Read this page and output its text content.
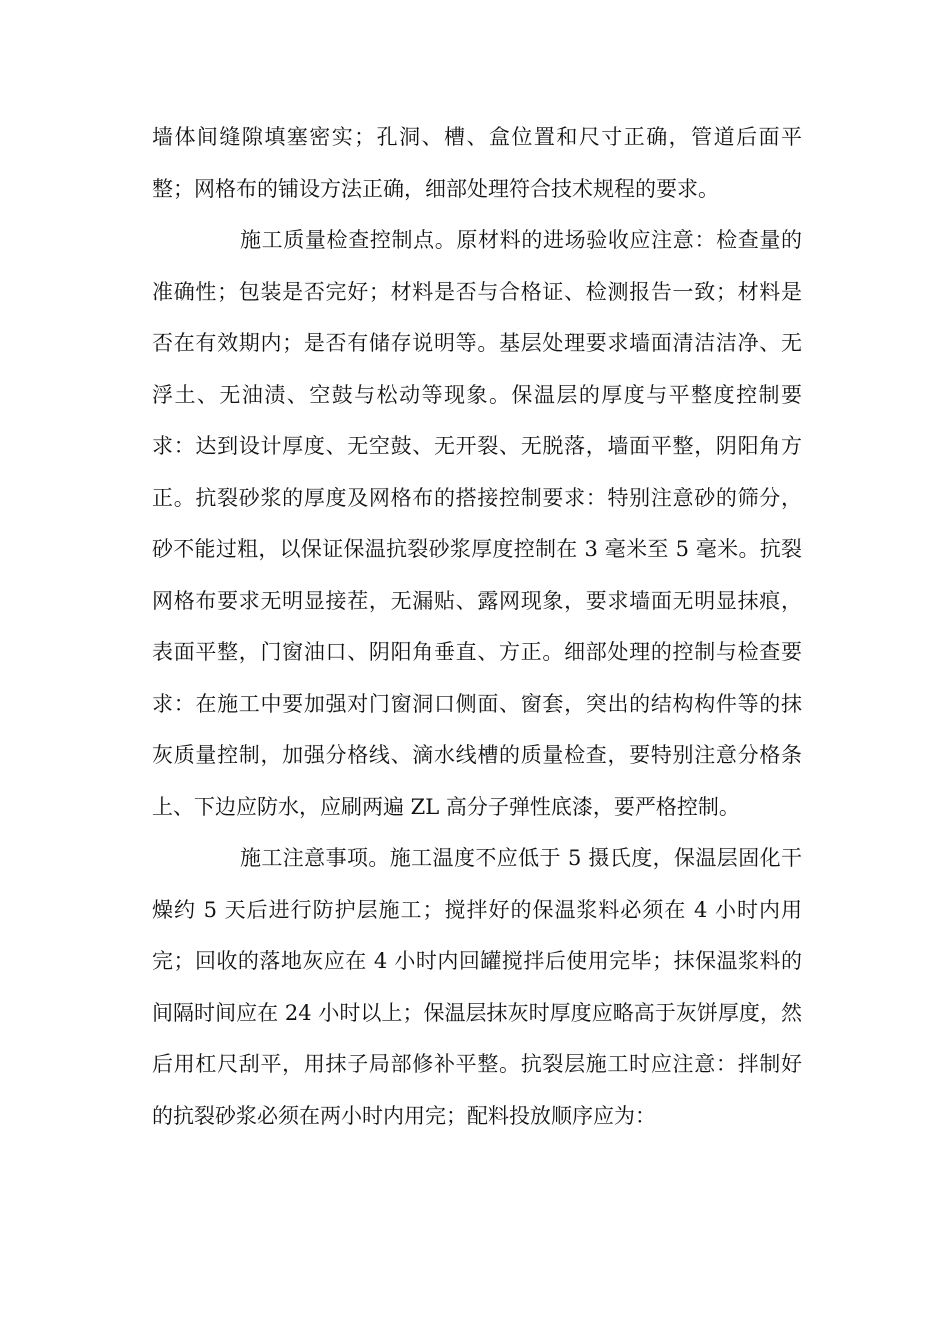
墙体间缝隙填塞密实；孔洞、槽、盒位置和尺寸正确，管道后面平整；网格布的铺设方法正确，细部处理符合技术规程的要求。

施工质量检查控制点。原材料的进场验收应注意：检查量的准确性；包装是否完好；材料是否与合格证、检测报告一致；材料是否在有效期内；是否有储存说明等。基层处理要求墙面清洁洁净、无浮土、无油渍、空鼓与松动等现象。保温层的厚度与平整度控制要求：达到设计厚度、无空鼓、无开裂、无脱落，墙面平整，阴阳角方正。抗裂砂浆的厚度及网格布的搭接控制要求：特别注意砂的筛分，砂不能过粗，以保证保温抗裂砂浆厚度控制在 3 毫米至 5 毫米。抗裂网格布要求无明显接茬，无漏贴、露网现象，要求墙面无明显抹痕，表面平整，门窗油口、阴阳角垂直、方正。细部处理的控制与检查要求：在施工中要加强对门窗洞口侧面、窗套，突出的结构构件等的抹灰质量控制，加强分格线、滴水线槽的质量检查，要特别注意分格条上、下边应防水，应刷两遍 ZL 高分子弹性底漆，要严格控制。

施工注意事项。施工温度不应低于 5 摄氏度，保温层固化干燥约 5 天后进行防护层施工；搅拌好的保温浆料必须在 4 小时内用完；回收的落地灰应在 4 小时内回罐搅拌后使用完毕；抹保温浆料的间隔时间应在 24 小时以上；保温层抹灰时厚度应略高于灰饼厚度，然后用杠尺刮平，用抹子局部修补平整。抗裂层施工时应注意：拌制好的抗裂砂浆必须在两小时内用完；配料投放顺序应为：
